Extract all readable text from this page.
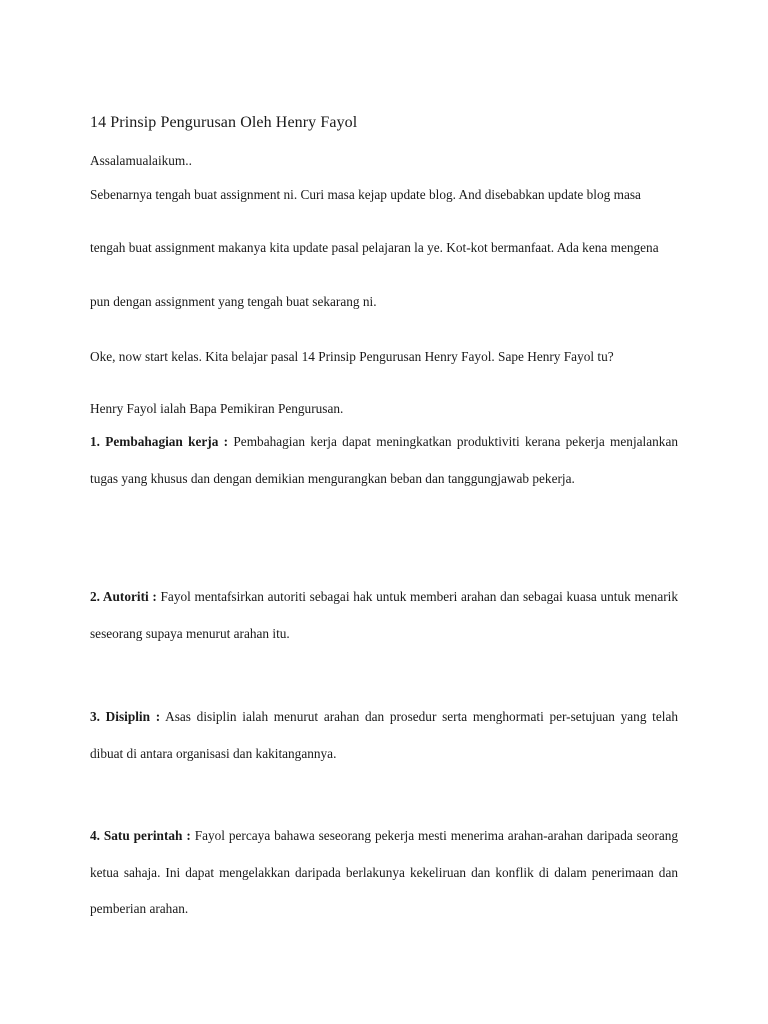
14 Prinsip Pengurusan Oleh Henry Fayol

Assalamualaikum..

Sebenarnya tengah buat assignment ni. Curi masa kejap update blog. And disebabkan update blog masa

tengah buat assignment makanya kita update pasal pelajaran la ye. Kot-kot bermanfaat. Ada kena mengena

pun dengan assignment yang tengah buat sekarang ni.

Oke, now start kelas. Kita belajar pasal 14 Prinsip Pengurusan Henry Fayol. Sape Henry Fayol tu?

Henry Fayol ialah Bapa Pemikiran Pengurusan.

1. Pembahagian kerja : Pembahagian kerja dapat meningkatkan produktiviti kerana pekerja menjalankan tugas yang khusus dan dengan demikian mengurangkan beban dan tanggungjawab pekerja.

2. Autoriti : Fayol mentafsirkan autoriti sebagai hak untuk memberi arahan dan sebagai kuasa untuk menarik seseorang supaya menurut arahan itu.

3. Disiplin : Asas disiplin ialah menurut arahan dan prosedur serta menghormati per-setujuan yang telah dibuat di antara organisasi dan kakitangannya.

4. Satu perintah : Fayol percaya bahawa seseorang pekerja mesti menerima arahan-arahan daripada seorang ketua sahaja. Ini dapat mengelakkan daripada berlakunya kekeliruan dan konflik di dalam penerimaan dan pemberian arahan.
